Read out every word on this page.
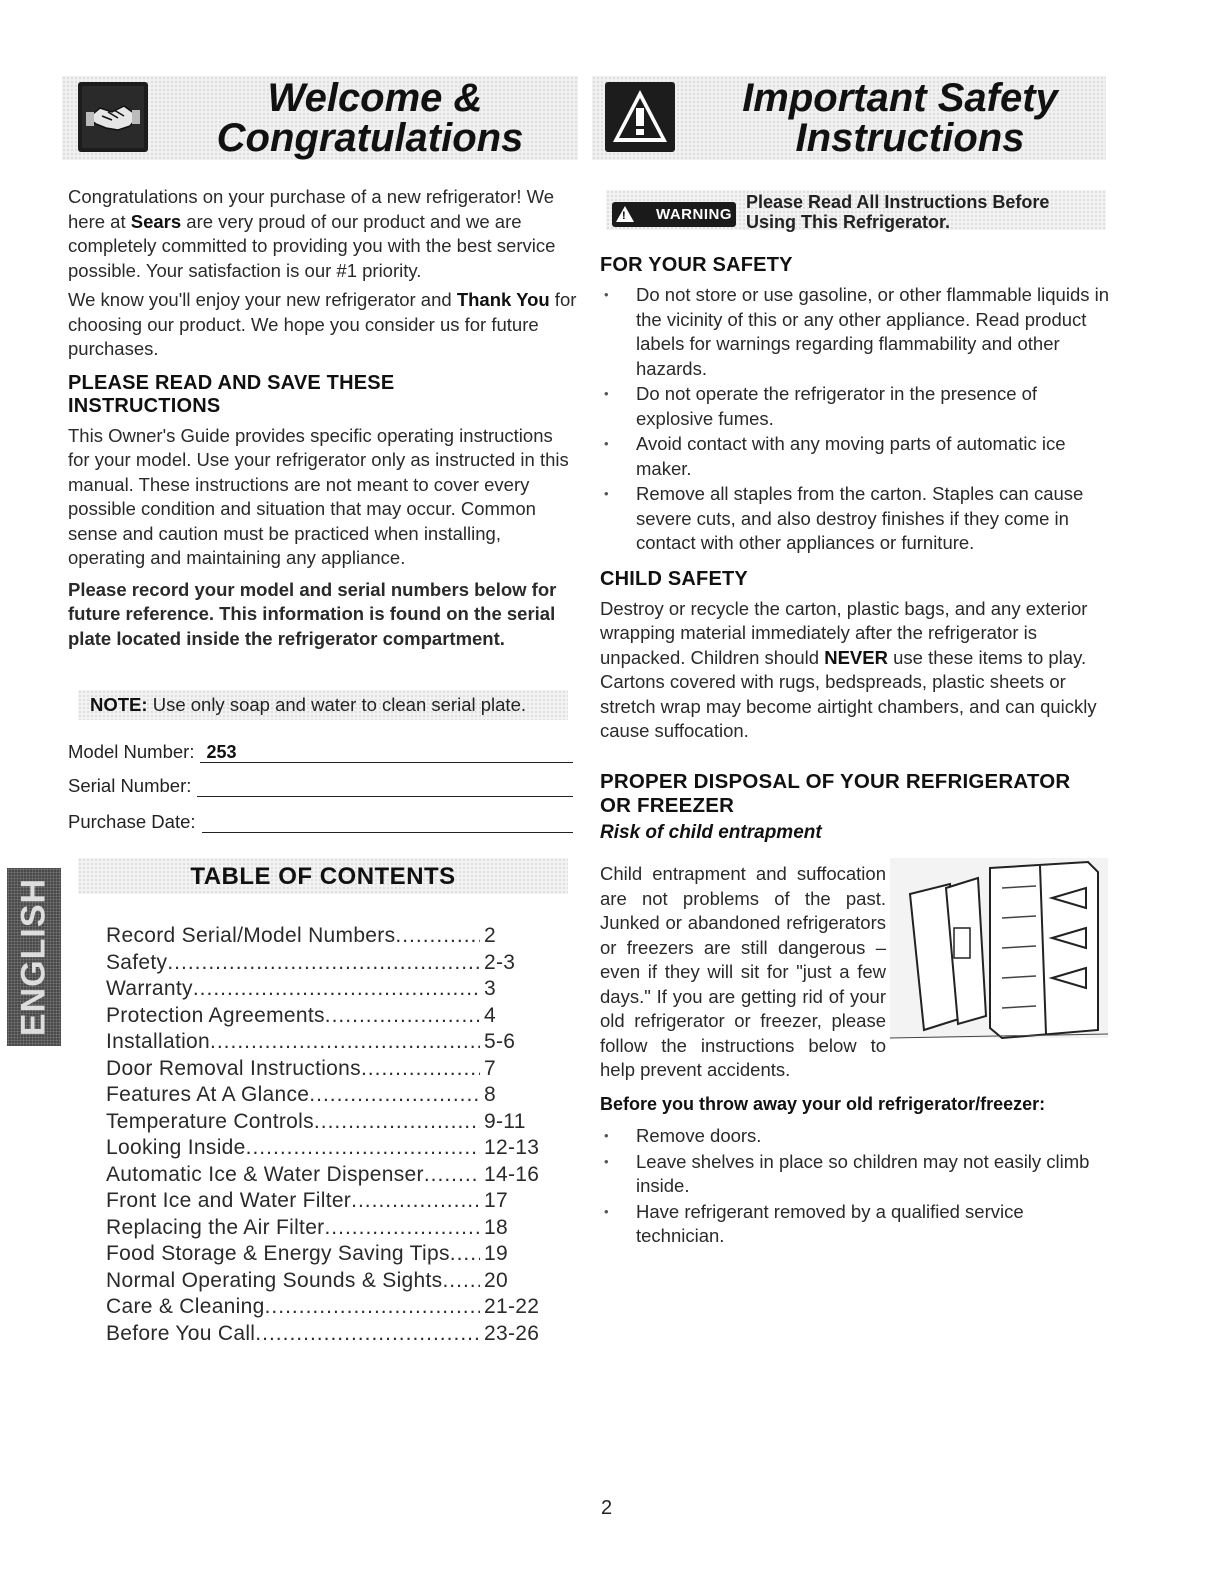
Welcome &
Congratulations
Important Safety
Instructions

Congratulations on your purchase of a new refrigerator! We here at Sears are very proud of our product and we are completely committed to providing you with the best service possible. Your satisfaction is our #1 priority.

We know you'll enjoy your new refrigerator and Thank You for choosing our product. We hope you consider us for future purchases.

PLEASE READ AND SAVE THESE
INSTRUCTIONS

This Owner's Guide provides specific operating instructions for your model. Use your refrigerator only as instructed in this manual. These instructions are not meant to cover every possible condition and situation that may occur. Common sense and caution must be practiced when installing, operating and maintaining any appliance.

Please record your model and serial numbers below for future reference. This information is found on the serial plate located inside the refrigerator compartment.

NOTE: Use only soap and water to clean serial plate.
Model Number: 253
Serial Number:
Purchase Date:
TABLE OF CONTENTS
ENGLISH	Record Serial/Model Numbers .....	2
Safety .....	2-3
Warranty .....	3
Protection Agreements .....	4
Installation .....	5-6
Door Removal Instructions .....	7
Features At A Glance .....	8
Temperature Controls .....	9-11
Looking Inside .....	12-13
Automatic Ice & Water Dispenser .....	14-16
Front Ice and Water Filter .....	17
Replacing the Air Filter .....	18
Food Storage & Energy Saving Tips ..... 19
Normal Operating Sounds & Sights ..... 20
Care & Cleaning .....	21-22
Before You Call .....	23-26
! WARNING
Please Read All Instructions Before
Using This Refrigerator.
FOR YOUR SAFETY
• Do not store or use gasoline, or other flammable liquids in the vicinity of this or any other appliance. Read product labels for warnings regarding flammability and other hazards.
• Do not operate the refrigerator in the presence of explosive fumes.
• Avoid contact with any moving parts of automatic ice maker.
• Remove all staples from the carton. Staples can cause severe cuts, and also destroy finishes if they come in contact with other appliances or furniture.
CHILD SAFETY

Destroy or recycle the carton, plastic bags, and any exterior wrapping material immediately after the refrigerator is unpacked. Children should NEVER use these items to play. Cartons covered with rugs, bedspreads, plastic sheets or stretch wrap may become airtight chambers, and can quickly cause suffocation.

PROPER DISPOSAL OF YOUR REFRIGERATOR
OR FREEZER
Risk of child entrapment

Child entrapment and suffocation are not problems of the past. Junked or abandoned refrigerators or freezers are still dangerous – even if they will sit for "just a few days." If you are getting rid of your old refrigerator or freezer, please follow the instructions below to help prevent accidents.

Before you throw away your old refrigerator/freezer:
• Remove doors.
• Leave shelves in place so children may not easily climb inside.
• Have refrigerant removed by a qualified service technician.
2
